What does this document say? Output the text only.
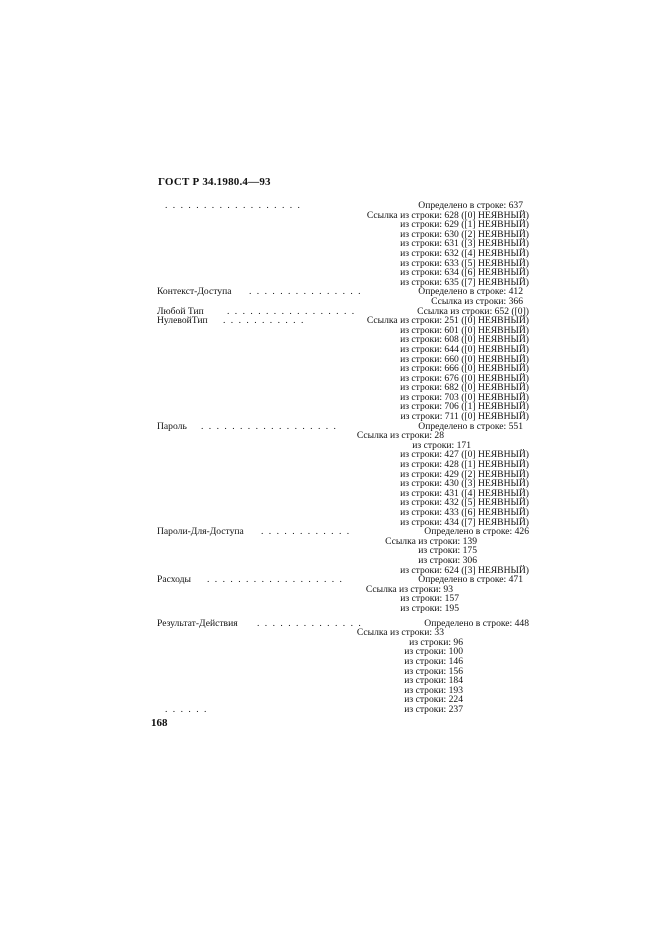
ГОСТ Р 34.1980.4—93
. . . . . . . . . . . . . . . . . .	Определено в строке: 637
Ссылка из строки: 628 ([0] НЕЯВНЫЙ)
из строки: 629 ([1] НЕЯВНЫЙ)
из строки: 630 ([2] НЕЯВНЫЙ)
из строки: 631 ([3] НЕЯВНЫЙ)
из строки: 632 ([4] НЕЯВНЫЙ)
из строки: 633 ([5] НЕЯВНЫЙ)
из строки: 634 ([6] НЕЯВНЫЙ)
из строки: 635 ([7] НЕЯВНЫЙ)
Контекст-Доступа . . . . . . . . . . . . . . .	Определено в строке: 412
Ссылка из строки: 366
Любой Тип . . . . . . . . . . . . . . . . .	Ссылка из строки: 652 ([0])
НулевойТип . . . . . . . . . . .	Ссылка из строки: 251 ([0] НЕЯВНЫЙ)
из строки: 601 ([0] НЕЯВНЫЙ)
из строки: 608 ([0] НЕЯВНЫЙ)
из строки: 644 ([0] НЕЯВНЫЙ)
из строки: 660 ([0] НЕЯВНЫЙ)
из строки: 666 ([0] НЕЯВНЫЙ)
из строки: 676 ([0] НЕЯВНЫЙ)
из строки: 682 ([0] НЕЯВНЫЙ)
из строки: 703 ([0] НЕЯВНЫЙ)
из строки: 706 ([1] НЕЯВНЫЙ)
из строки: 711 ([0] НЕЯВНЫЙ)
Пароль . . . . . . . . . . . . . . . . . .	Определено в строке: 551
Ссылка из строки: 28
из строки: 171
из строки: 427 ([0] НЕЯВНЫЙ)
из строки: 428 ([1] НЕЯВНЫЙ)
из строки: 429 ([2] НЕЯВНЫЙ)
из строки: 430 ([3] НЕЯВНЫЙ)
из строки: 431 ([4] НЕЯВНЫЙ)
из строки: 432 ([5] НЕЯВНЫЙ)
из строки: 433 ([6] НЕЯВНЫЙ)
из строки: 434 ([7] НЕЯВНЫЙ)
Пароли-Для-Доступа . . . . . . . . . . . .	Определено в строке: 426
Ссылка из строки: 139
из строки: 175
из строки: 306
из строки: 624 ([3] НЕЯВНЫЙ)
Расходы . . . . . . . . . . . . . . . . . .	Определено в строке: 471
Ссылка из строки: 93
из строки: 157
из строки: 195
Результат-Действия . . . . . . . . . . . . . .	Определено в строке: 448
Ссылка из строки: 33
из строки: 96
из строки: 100
из строки: 146
из строки: 156
из строки: 184
из строки: 193
из строки: 224
. . . . . .	из строки: 237
168
